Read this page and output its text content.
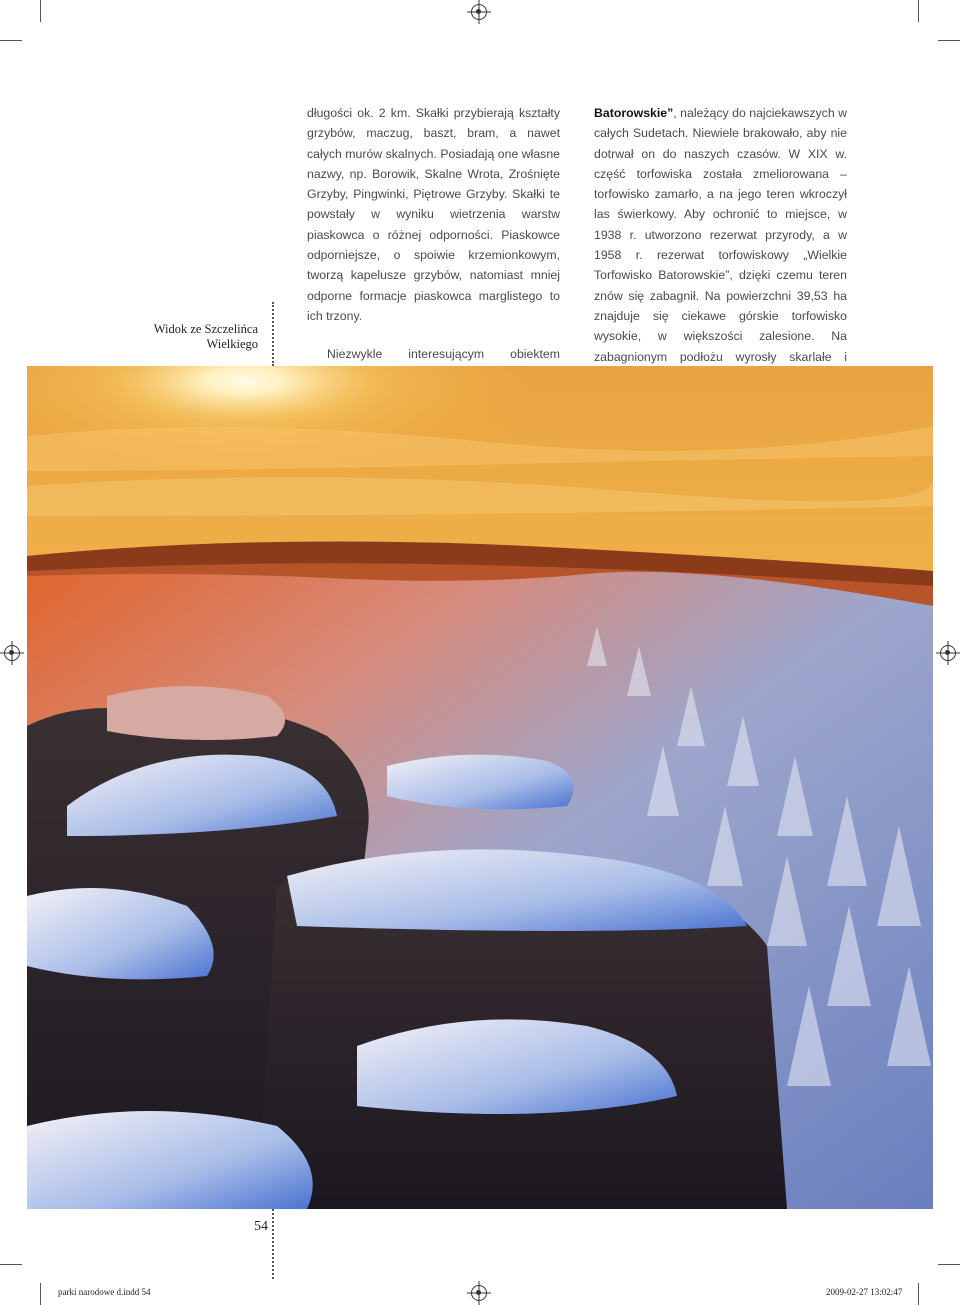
Widok ze Szczelińca Wielkiego

długości ok. 2 km. Skałki przybierają kształty grzybów, maczug, baszt, bram, a nawet całych murów skalnych. Posiadają one własne nazwy, np. Borowik, Skalne Wrota, Zrośnięte Grzyby, Pingwinki, Piętrowe Grzyby. Skałki te powstały w wyniku wietrzenia warstw piaskowca o różnej odporności. Piaskowce odporniejsze, o spoiwie krzemionkowym, tworzą kapelusze grzybów, natomiast mniej odporne formacje piaskowca marglistego to ich trzony.

Niezwykle interesującym obiektem

Batorowskie”, należący do najciekawszych w całych Sudetach. Niewiele brakowało, aby nie dotrwał on do naszych czasów. W XIX w. część torfowiska została zmeliorowana – torfowisko zamarło, a na jego teren wkroczył las świerkowy. Aby ochronić to miejsce, w 1938 r. utworzono rezerwat przyrody, a w 1958 r. rezerwat torfowiskowy „Wielkie Torfowisko Batorowskie”, dzięki czemu teren znów się zabagnił. Na powierzchni 39,53 ha znajduje się ciekawe górskie torfowisko wysokie, w większości zalesione. Na zabagnionym podłożu wyrosły skarlałe i

54
parki narodowe d.indd 54	2009-02-27 13:02:47
